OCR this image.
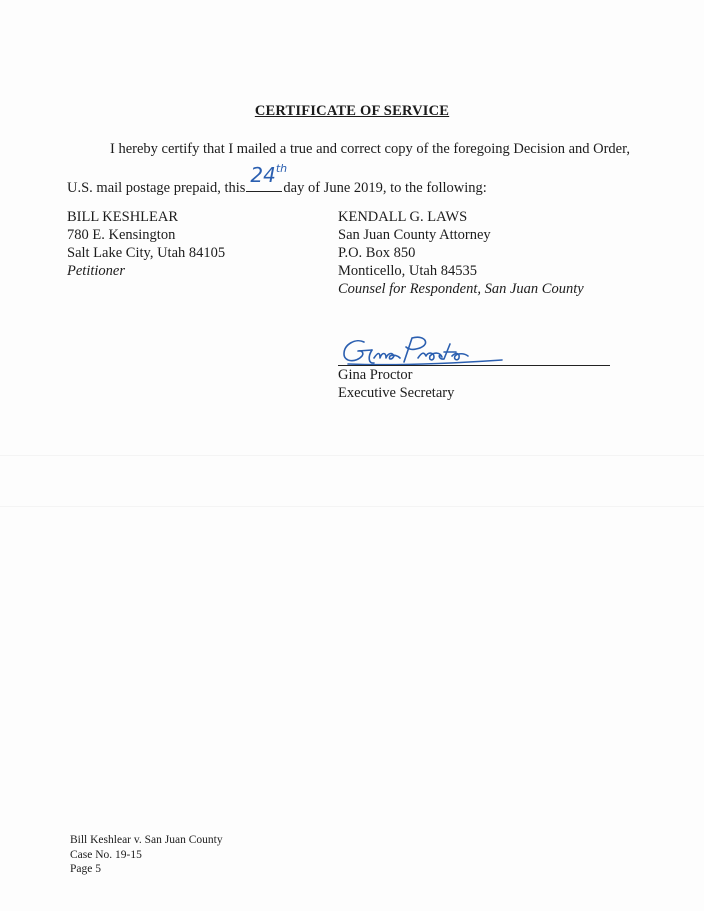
CERTIFICATE OF SERVICE
I hereby certify that I mailed a true and correct copy of the foregoing Decision and Order,
U.S. mail postage prepaid, this
24th
day of June 2019, to the following:
BILL KESHLEAR
780 E. Kensington
Salt Lake City, Utah 84105
Petitioner
KENDALL G. LAWS
San Juan County Attorney
P.O. Box 850
Monticello, Utah 84535
Counsel for Respondent, San Juan County
Gina Proctor
Executive Secretary
Bill Keshlear v. San Juan County
Case No. 19-15
Page 5
